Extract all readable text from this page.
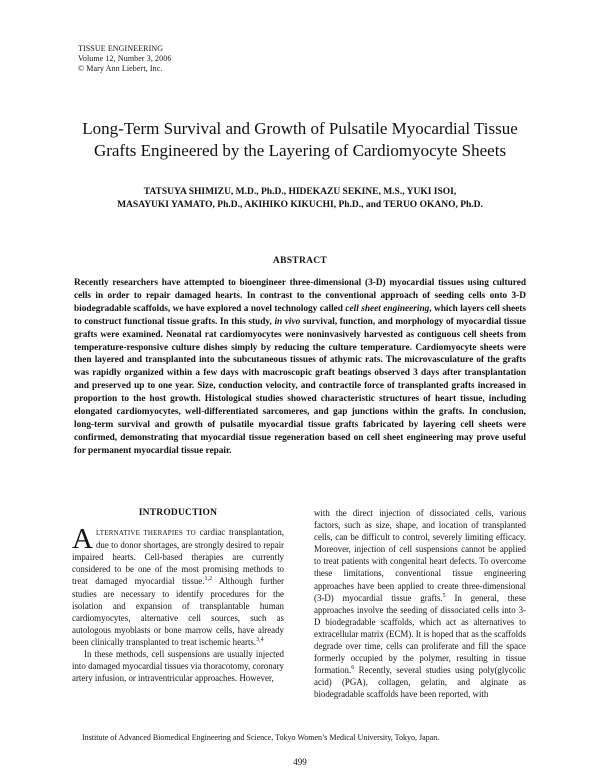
TISSUE ENGINEERING
Volume 12, Number 3, 2006
© Mary Ann Liebert, Inc.
Long-Term Survival and Growth of Pulsatile Myocardial Tissue
Grafts Engineered by the Layering of Cardiomyocyte Sheets
TATSUYA SHIMIZU, M.D., Ph.D., HIDEKAZU SEKINE, M.S., YUKI ISOI,
MASAYUKI YAMATO, Ph.D., AKIHIKO KIKUCHI, Ph.D., and TERUO OKANO, Ph.D.
ABSTRACT
Recently researchers have attempted to bioengineer three-dimensional (3-D) myocardial tissues using cultured cells in order to repair damaged hearts. In contrast to the conventional approach of seeding cells onto 3-D biodegradable scaffolds, we have explored a novel technology called cell sheet engineering, which layers cell sheets to construct functional tissue grafts. In this study, in vivo survival, function, and morphology of myocardial tissue grafts were examined. Neonatal rat cardiomyocytes were noninvasively harvested as contiguous cell sheets from temperature-responsive culture dishes simply by reducing the culture temperature. Cardiomyocyte sheets were then layered and transplanted into the subcutaneous tissues of athymic rats. The microvasculature of the grafts was rapidly organized within a few days with macroscopic graft beatings observed 3 days after transplantation and preserved up to one year. Size, conduction velocity, and contractile force of transplanted grafts increased in proportion to the host growth. Histological studies showed characteristic structures of heart tissue, including elongated cardiomyocytes, well-differentiated sarcomeres, and gap junctions within the grafts. In conclusion, long-term survival and growth of pulsatile myocardial tissue grafts fabricated by layering cell sheets were confirmed, demonstrating that myocardial tissue regeneration based on cell sheet engineering may prove useful for permanent myocardial tissue repair.
INTRODUCTION

ALTERNATIVE THERAPIES TO cardiac transplantation, due to donor shortages, are strongly desired to repair impaired hearts. Cell-based therapies are currently considered to be one of the most promising methods to treat damaged myocardial tissue.$^{1,2}$ Although further studies are necessary to identify procedures for the isolation and expansion of transplantable human cardiomyocytes, alternative cell sources, such as autologous myoblasts or bone marrow cells, have already been clinically transplanted to treat ischemic hearts.$^{3,4}$

In these methods, cell suspensions are usually injected into damaged myocardial tissues via thoracotomy, coronary artery infusion, or intraventricular approaches. However,

with the direct injection of dissociated cells, various factors, such as size, shape, and location of transplanted cells, can be difficult to control, severely limiting efficacy. Moreover, injection of cell suspensions cannot be applied to treat patients with congenital heart defects. To overcome these limitations, conventional tissue engineering approaches have been applied to create three-dimensional (3-D) myocardial tissue grafts.$^5$ In general, these approaches involve the seeding of dissociated cells into 3-D biodegradable scaffolds, which act as alternatives to extracellular matrix (ECM). It is hoped that as the scaffolds degrade over time, cells can proliferate and fill the space formerly occupied by the polymer, resulting in tissue formation.$^6$ Recently, several studies using poly(glycolic acid) (PGA), collagen, gelatin, and alginate as biodegradable scaffolds have been reported, with

Institute of Advanced Biomedical Engineering and Science, Tokyo Women’s Medical University, Tokyo, Japan.
499
